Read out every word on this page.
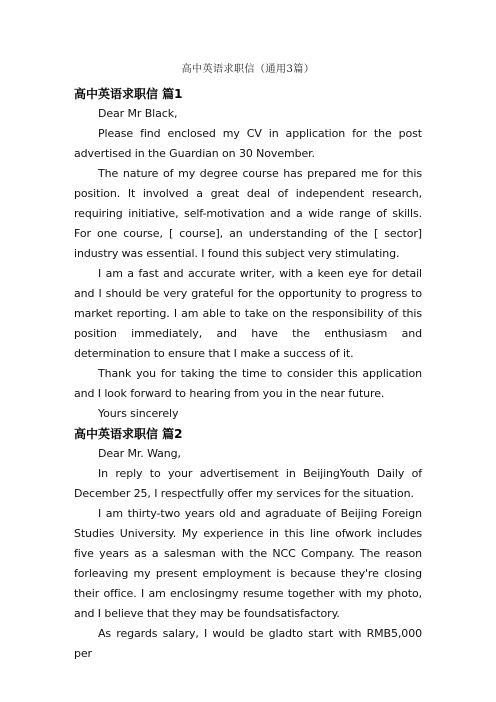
高中英语求职信（通用3篇）
高中英语求职信 篇1

Dear Mr Black,

Please find enclosed my CV in application for the post advertised in the Guardian on 30 November.

The nature of my degree course has prepared me for this position. It involved a great deal of independent research, requiring initiative, self-motivation and a wide range of skills. For one course, [ course], an understanding of the [ sector] industry was essential. I found this subject very stimulating.

I am a fast and accurate writer, with a keen eye for detail and I should be very grateful for the opportunity to progress to market reporting. I am able to take on the responsibility of this position immediately, and have the enthusiasm and determination to ensure that I make a success of it.

Thank you for taking the time to consider this application and I look forward to hearing from you in the near future.

Yours sincerely

高中英语求职信 篇2

Dear Mr. Wang,

In reply to your advertisement in BeijingYouth Daily of December 25, I respectfully offer my services for the situation.

I am thirty-two years old and agraduate of Beijing Foreign Studies University. My experience in this line ofwork includes five years as a salesman with the NCC Company. The reason forleaving my present employment is because they're closing their office. I am enclosingmy resume together with my photo, and I believe that they may be foundsatisfactory.

As regards salary, I would be gladto start with RMB5,000 per
